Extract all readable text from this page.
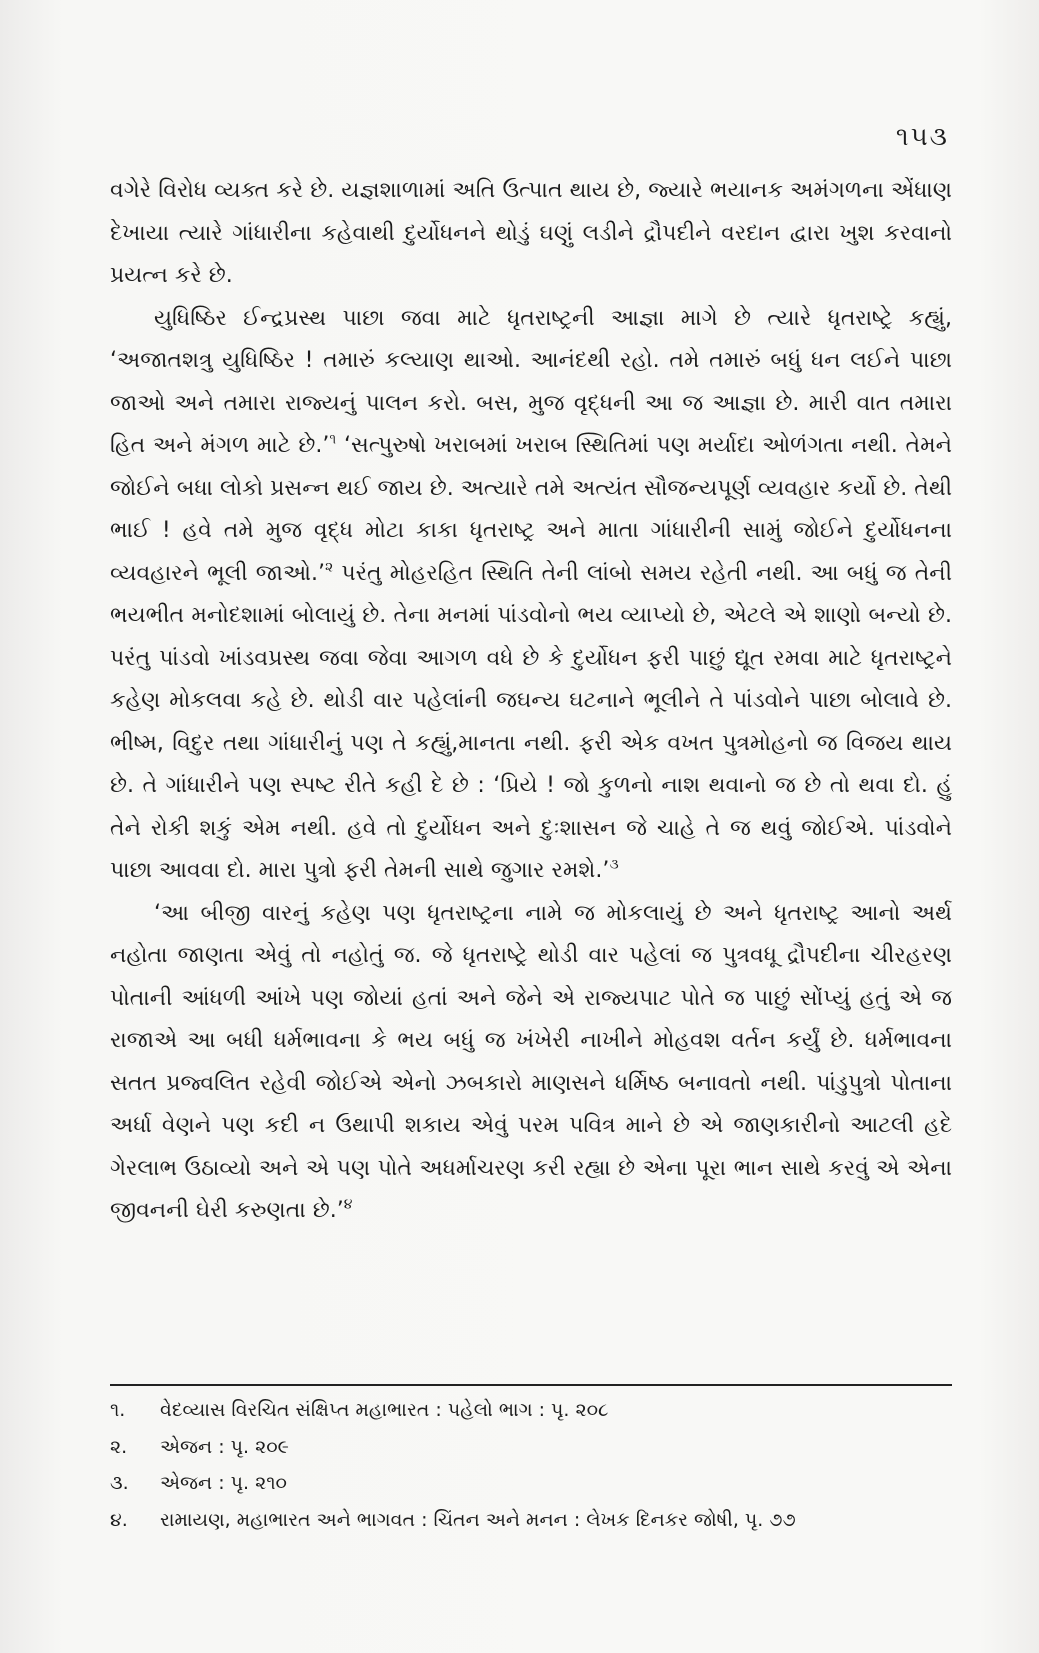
૧૫૩

વગેરે વિરોધ વ્યક્ત કરે છે. યજ્ઞશાળામાં અતિ ઉત્પાત થાય છે, જ્યારે ભયાનક અમંગળના એંધાણ દેખાયા ત્યારે ગાંધારીના કહેવાથી દુર્યોધનને થોડું ઘણું લડીને દ્રૌપદીને વરદાન દ્વારા ખુશ કરવાનો પ્રયત્ન કરે છે.

યુધિષ્ઠિર ઈન્દ્રપ્રસ્થ પાછા જવા માટે ધૃતરાષ્ટ્રની આજ્ઞા માગે છે ત્યારે ધૃતરાષ્ટ્રે કહ્યું, ‘અજાતશત્રુ યુધિષ્ઠિર ! તમારું કલ્યાણ થાઓ. આનંદથી રહો. તમે તમારું બધું ધન લઈને પાછા જાઓ અને તમારા રાજ્યનું પાલન કરો. બસ, મુજ વૃદ્ધની આ જ આજ્ઞા છે. મારી વાત તમારા હિત અને મંગળ માટે છે.’$^૧$ ‘સત્પુરુષો ખરાબમાં ખરાબ સ્થિતિમાં પણ મર્યાદા ઓળંગતા નથી. તેમને જોઈને બધા લોકો પ્રસન્ન થઈ જાય છે. અત્યારે તમે અત્યંત સૌજન્યપૂર્ણ વ્યવહાર કર્યો છે. તેથી ભાઈ ! હવે તમે મુજ વૃદ્ધ મોટા કાકા ધૃતરાષ્ટ્ર અને માતા ગાંધારીની સામું જોઈને દુર્યોધનના વ્યવહારને ભૂલી જાઓ.’$^૨$ પરંતુ મોહરહિત સ્થિતિ તેની લાંબો સમય રહેતી નથી. આ બધું જ તેની ભયભીત મનોદશામાં બોલાયું છે. તેના મનમાં પાંડવોનો ભય વ્યાપ્યો છે, એટલે એ શાણો બન્યો છે. પરંતુ પાંડવો ખાંડવપ્રસ્થ જવા જેવા આગળ વધે છે કે દુર્યોધન ફરી પાછું દ્યૂત રમવા માટે ધૃતરાષ્ટ્રને કહેણ મોકલવા કહે છે. થોડી વાર પહેલાંની જઘન્ય ઘટનાને ભૂલીને તે પાંડવોને પાછા બોલાવે છે. ભીષ્મ, વિદુર તથા ગાંધારીનું પણ તે કહ્યું,માનતા નથી. ફરી એક વખત પુત્રમોહનો જ વિજય થાય છે. તે ગાંધારીને પણ સ્પષ્ટ રીતે કહી દે છે : ‘પ્રિયે ! જો કુળનો નાશ થવાનો જ છે તો થવા દો. હું તેને રોકી શકું એમ નથી. હવે તો દુર્યોધન અને દુઃશાસન જે ચાહે તે જ થવું જોઈએ. પાંડવોને પાછા આવવા દો. મારા પુત્રો ફરી તેમની સાથે જુગાર રમશે.’$^૩$

‘આ બીજી વારનું કહેણ પણ ધૃતરાષ્ટ્રના નામે જ મોકલાયું છે અને ધૃતરાષ્ટ્ર આનો અર્થ નહોતા જાણતા એવું તો નહોતું જ. જે ધૃતરાષ્ટ્રે થોડી વાર પહેલાં જ પુત્રવધૂ દ્રૌપદીના ચીરહરણ પોતાની આંધળી આંખે પણ જોયાં હતાં અને જેને એ રાજ્યપાટ પોતે જ પાછું સોંપ્યું હતું એ જ રાજાએ આ બધી ધર્મભાવના કે ભય બધું જ ખંખેરી નાખીને મોહવશ વર્તન કર્યું છે. ધર્મભાવના સતત પ્રજ્વલિત રહેવી જોઈએ એનો ઝબકારો માણસને ધર્મિષ્ઠ બનાવતો નથી. પાંડુપુત્રો પોતાના અર્ધા વેણને પણ કદી ન ઉથાપી શકાય એવું પરમ પવિત્ર માને છે એ જાણકારીનો આટલી હદે ગેરલાભ ઉઠાવ્યો અને એ પણ પોતે અધર્માચરણ કરી રહ્યા છે એના પૂરા ભાન સાથે કરવું એ એના જીવનની ઘેરી કરુણતા છે.’$^૪$

૧.	વેદવ્યાસ વિરચિત સંક્ષિપ્ત મહાભારત : પહેલો ભાગ : પૃ. ૨૦૮
૨.	એજન : પૃ. ૨૦૯
૩.	એજન : પૃ. ૨૧૦
૪.	રામાયણ, મહાભારત અને ભાગવત : ચિંતન અને મનન : લેખક દિનકર જોષી, પૃ. ૭૭
